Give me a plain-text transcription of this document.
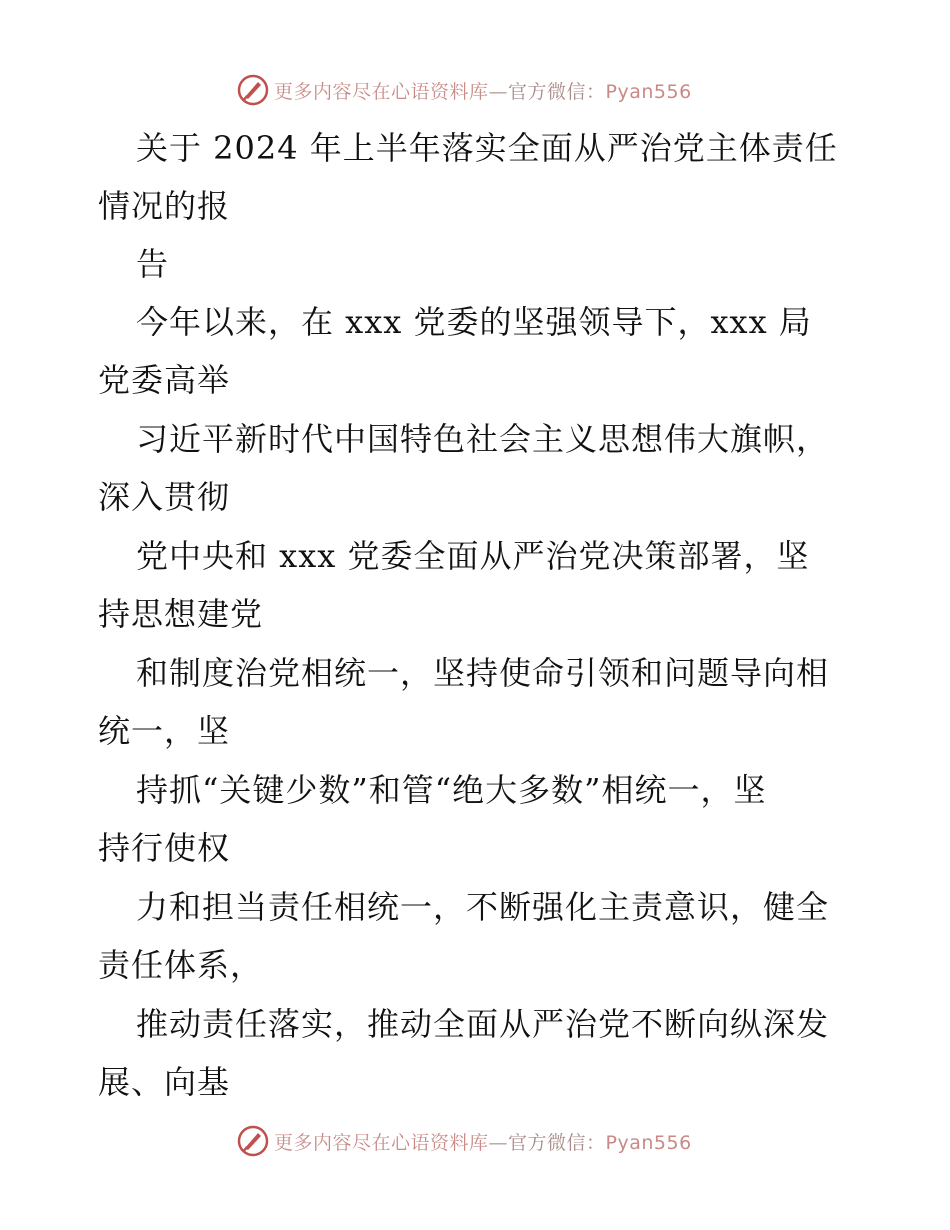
更多内容尽在心语资料库—官方微信：Pyan556
关于 2024 年上半年落实全面从严治党主体责任
情况的报
告
今年以来，在 xxx 党委的坚强领导下，xxx 局
党委高举
习近平新时代中国特色社会主义思想伟大旗帜，
深入贯彻
党中央和 xxx 党委全面从严治党决策部署，坚
持思想建党
和制度治党相统一，坚持使命引领和问题导向相
统一，坚
持抓“关键少数”和管“绝大多数”相统一，坚
持行使权
力和担当责任相统一，不断强化主责意识，健全
责任体系，
推动责任落实，推动全面从严治党不断向纵深发
展、向基
更多内容尽在心语资料库—官方微信：Pyan556
